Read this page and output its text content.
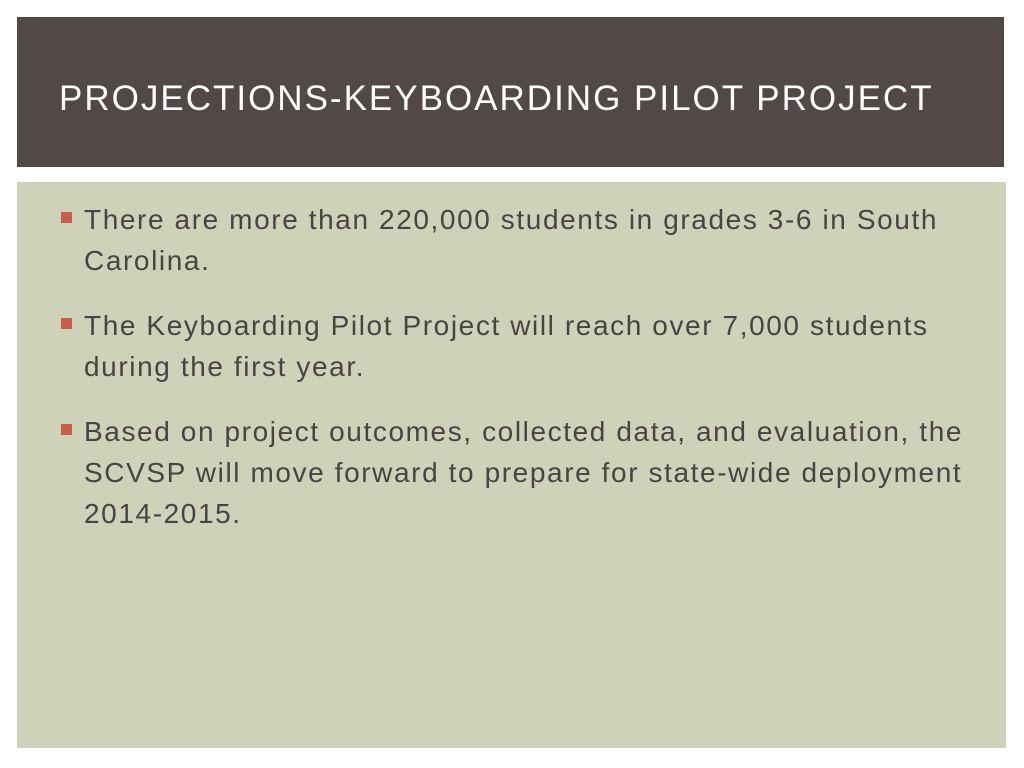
PROJECTIONS-KEYBOARDING PILOT PROJECT
There are more than 220,000 students in grades 3-6 in South Carolina.
The Keyboarding Pilot Project will reach over 7,000 students during the first year.
Based on project outcomes, collected data, and evaluation, the SCVSP will move forward to prepare for state-wide deployment 2014-2015.
